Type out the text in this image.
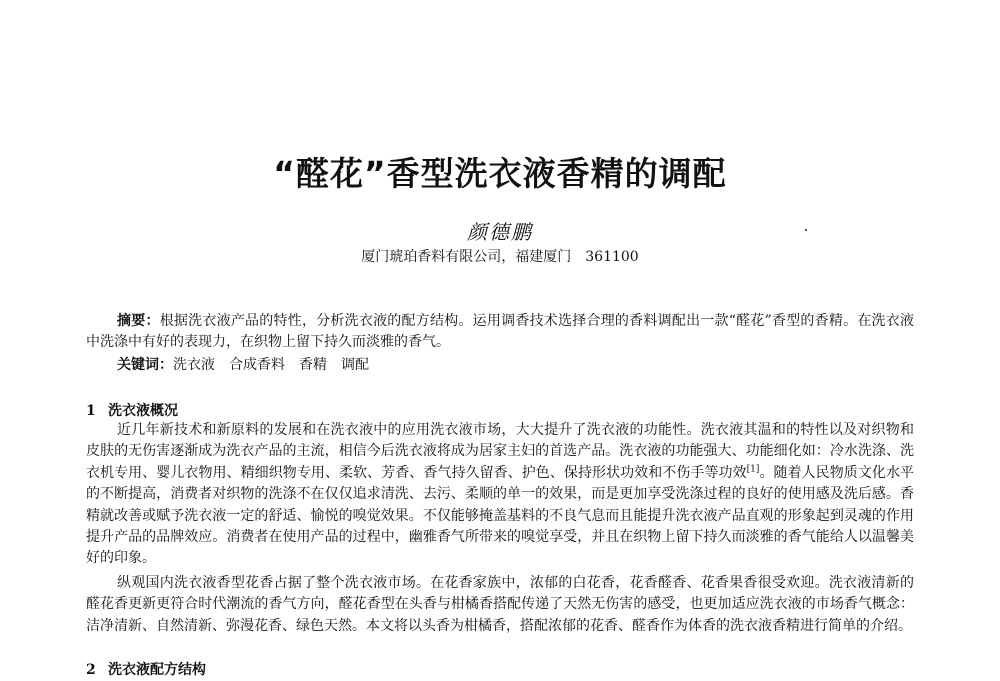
“醛花”香型洗衣液香精的调配
颜德鹏
厦门琥珀香料有限公司，福建厦门　361100
摘要：根据洗衣液产品的特性，分析洗衣液的配方结构。运用调香技术选择合理的香料调配出一款“醛花”香型的香精。在洗衣液中洗涤中有好的表现力，在织物上留下持久而淡雅的香气。
关键词：洗衣液　合成香料　香精　调配
1 洗衣液概况
近几年新技术和新原料的发展和在洗衣液中的应用洗衣液市场，大大提升了洗衣液的功能性。洗衣液其温和的特性以及对织物和皮肤的无伤害逐渐成为洗衣产品的主流，相信今后洗衣液将成为居家主妇的首选产品。洗衣液的功能强大、功能细化如：冷水洗涤、洗衣机专用、婴儿衣物用、精细织物专用、柔软、芳香、香气持久留香、护色、保持形状功效和不伤手等功效[1]。随着人民物质文化水平的不断提高，消费者对织物的洗涤不在仅仅追求清洗、去污、柔顺的单一的效果，而是更加享受洗涤过程的良好的使用感及洗后感。香精就改善或赋予洗衣液一定的舒适、愉悦的嗅觉效果。不仅能够掩盖基料的不良气息而且能提升洗衣液产品直观的形象起到灵魂的作用提升产品的品牌效应。消费者在使用产品的过程中，幽雅香气所带来的嗅觉享受，并且在织物上留下持久而淡雅的香气能给人以温馨美好的印象。
纵观国内洗衣液香型花香占据了整个洗衣液市场。在花香家族中，浓郁的白花香，花香醛香、花香果香很受欢迎。洗衣液清新的醛花香更新更符合时代潮流的香气方向，醛花香型在头香与柑橘香搭配传递了天然无伤害的感受，也更加适应洗衣液的市场香气概念：洁净清新、自然清新、弥漫花香、绿色天然。本文将以头香为柑橘香，搭配浓郁的花香、醛香作为体香的洗衣液香精进行简单的介绍。
2 洗衣液配方结构
